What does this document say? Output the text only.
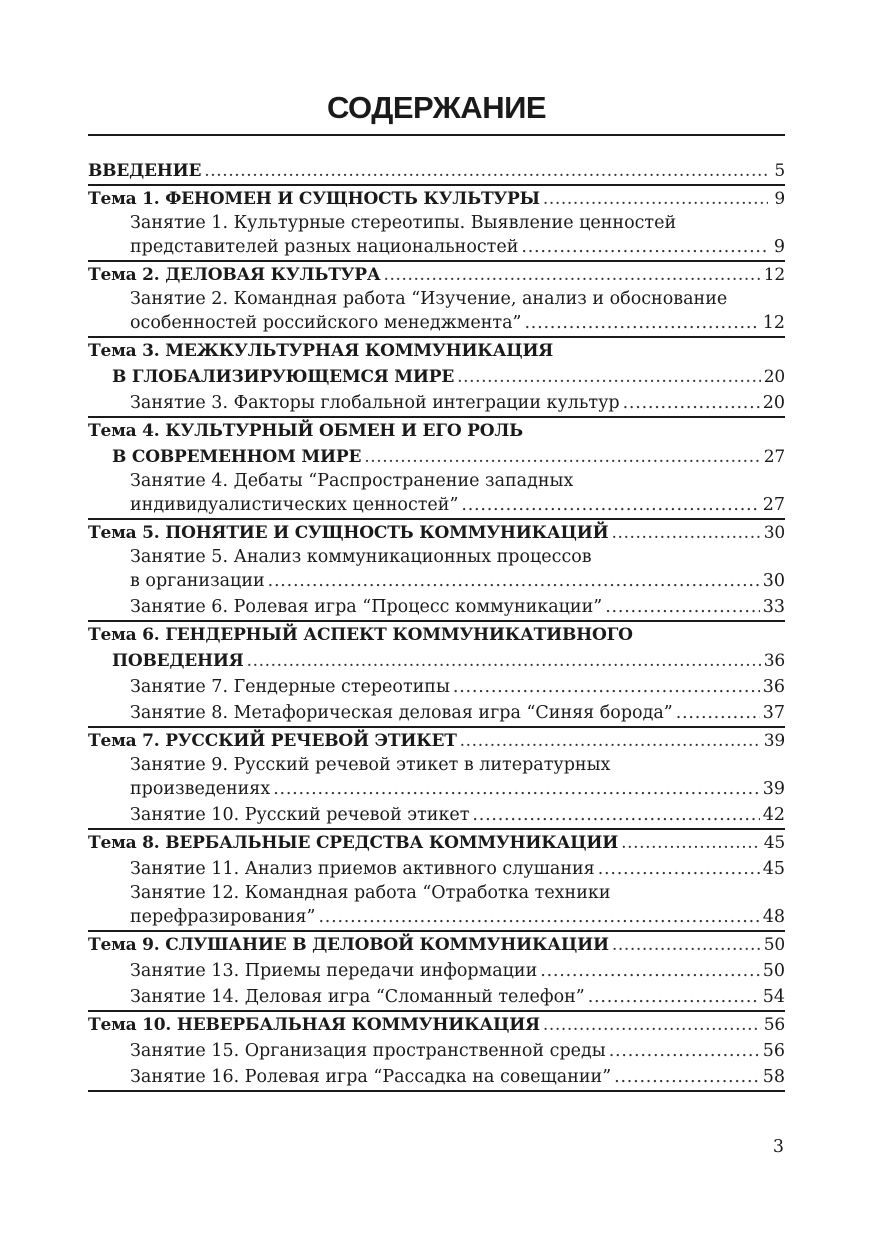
СОДЕРЖАНИЕ
ВВЕДЕНИЕ . . .	5
Тема 1. ФЕНОМЕН И СУЩНОСТЬ КУЛЬТУРЫ . . .	9
Занятие 1. Культурные стереотипы. Выявление ценностей
представителей разных национальностей . . .	9
Тема 2. ДЕЛОВАЯ КУЛЬТУРА . . .	12
Занятие 2. Командная работа “Изучение, анализ и обоснование
особенностей российского менеджмента” . . .	12
Тема 3. МЕЖКУЛЬТУРНАЯ КОММУНИКАЦИЯ
В ГЛОБАЛИЗИРУЮЩЕМСЯ МИРЕ . . .	20
Занятие 3. Факторы глобальной интеграции культур . . .	20
Тема 4. КУЛЬТУРНЫЙ ОБМЕН И ЕГО РОЛЬ
В СОВРЕМЕННОМ МИРЕ . . .	27
Занятие 4. Дебаты “Распространение западных
индивидуалистических ценностей” . . .	27
Тема 5. ПОНЯТИЕ И СУЩНОСТЬ КОММУНИКАЦИЙ . . .	30
Занятие 5. Анализ коммуникационных процессов
в организации . . .	30
Занятие 6. Ролевая игра “Процесс коммуникации” . . .	33
Тема 6. ГЕНДЕРНЫЙ АСПЕКТ КОММУНИКАТИВНОГО
ПОВЕДЕНИЯ . . .	36
Занятие 7. Гендерные стереотипы . . .	36
Занятие 8. Метафорическая деловая игра “Синяя борода” . . .	37
Тема 7. РУССКИЙ РЕЧЕВОЙ ЭТИКЕТ . . .	39
Занятие 9. Русский речевой этикет в литературных
произведениях . . .	39
Занятие 10. Русский речевой этикет . . .	42
Тема 8. ВЕРБАЛЬНЫЕ СРЕДСТВА КОММУНИКАЦИИ . . .	45
Занятие 11. Анализ приемов активного слушания . . .	45
Занятие 12. Командная работа “Отработка техники
перефразирования” . . .	48
Тема 9. СЛУШАНИЕ В ДЕЛОВОЙ КОММУНИКАЦИИ . . .	50
Занятие 13. Приемы передачи информации . . .	50
Занятие 14. Деловая игра “Сломанный телефон” . . .	54
Тема 10. НЕВЕРБАЛЬНАЯ КОММУНИКАЦИЯ . . .	56
Занятие 15. Организация пространственной среды . . .	56
Занятие 16. Ролевая игра “Рассадка на совещании” . . .	58
3
